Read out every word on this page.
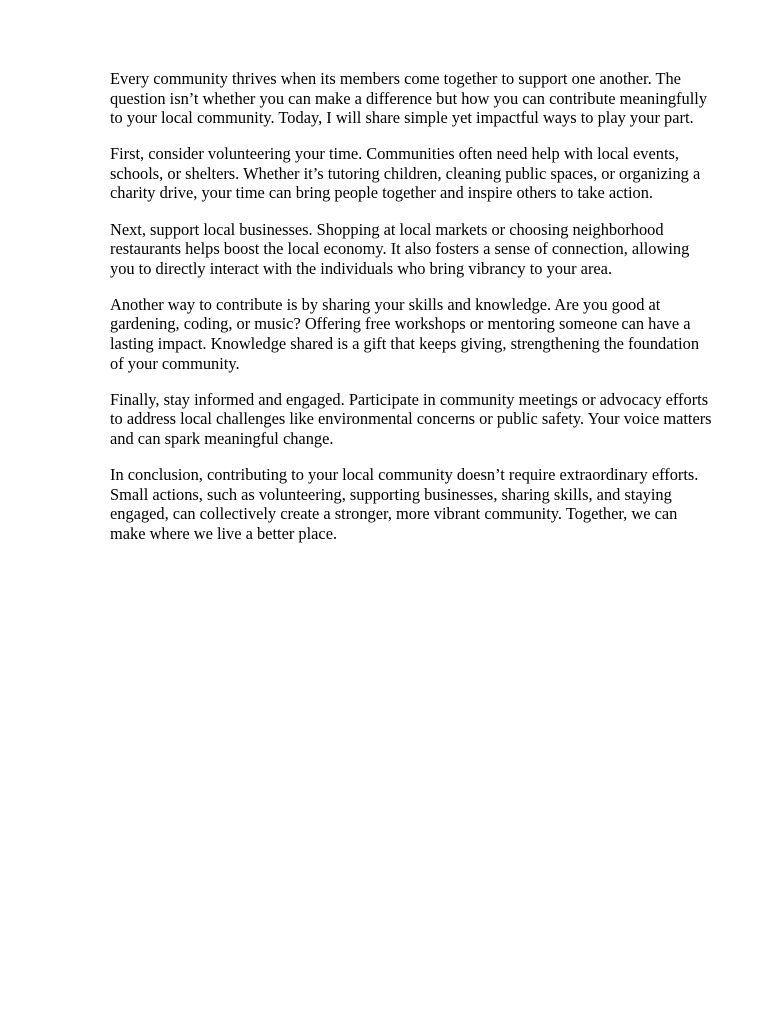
Every community thrives when its members come together to support one another. The question isn’t whether you can make a difference but how you can contribute meaningfully to your local community. Today, I will share simple yet impactful ways to play your part.

First, consider volunteering your time. Communities often need help with local events, schools, or shelters. Whether it’s tutoring children, cleaning public spaces, or organizing a charity drive, your time can bring people together and inspire others to take action.

Next, support local businesses. Shopping at local markets or choosing neighborhood restaurants helps boost the local economy. It also fosters a sense of connection, allowing you to directly interact with the individuals who bring vibrancy to your area.

Another way to contribute is by sharing your skills and knowledge. Are you good at gardening, coding, or music? Offering free workshops or mentoring someone can have a lasting impact. Knowledge shared is a gift that keeps giving, strengthening the foundation of your community.

Finally, stay informed and engaged. Participate in community meetings or advocacy efforts to address local challenges like environmental concerns or public safety. Your voice matters and can spark meaningful change.

In conclusion, contributing to your local community doesn’t require extraordinary efforts. Small actions, such as volunteering, supporting businesses, sharing skills, and staying engaged, can collectively create a stronger, more vibrant community. Together, we can make where we live a better place.
